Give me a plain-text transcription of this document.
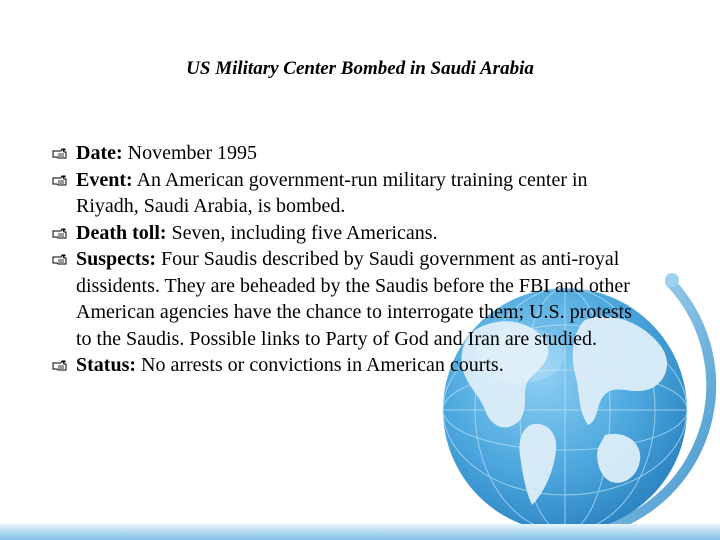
US Military Center Bombed in Saudi Arabia
Date: November 1995
Event: An American government-run military training center in Riyadh, Saudi Arabia, is bombed.
Death toll: Seven, including five Americans.
Suspects: Four Saudis described by Saudi government as anti-royal dissidents. They are beheaded by the Saudis before the FBI and other American agencies have the chance to interrogate them; U.S. protests to the Saudis. Possible links to Party of God and Iran are studied.
Status: No arrests or convictions in American courts.
